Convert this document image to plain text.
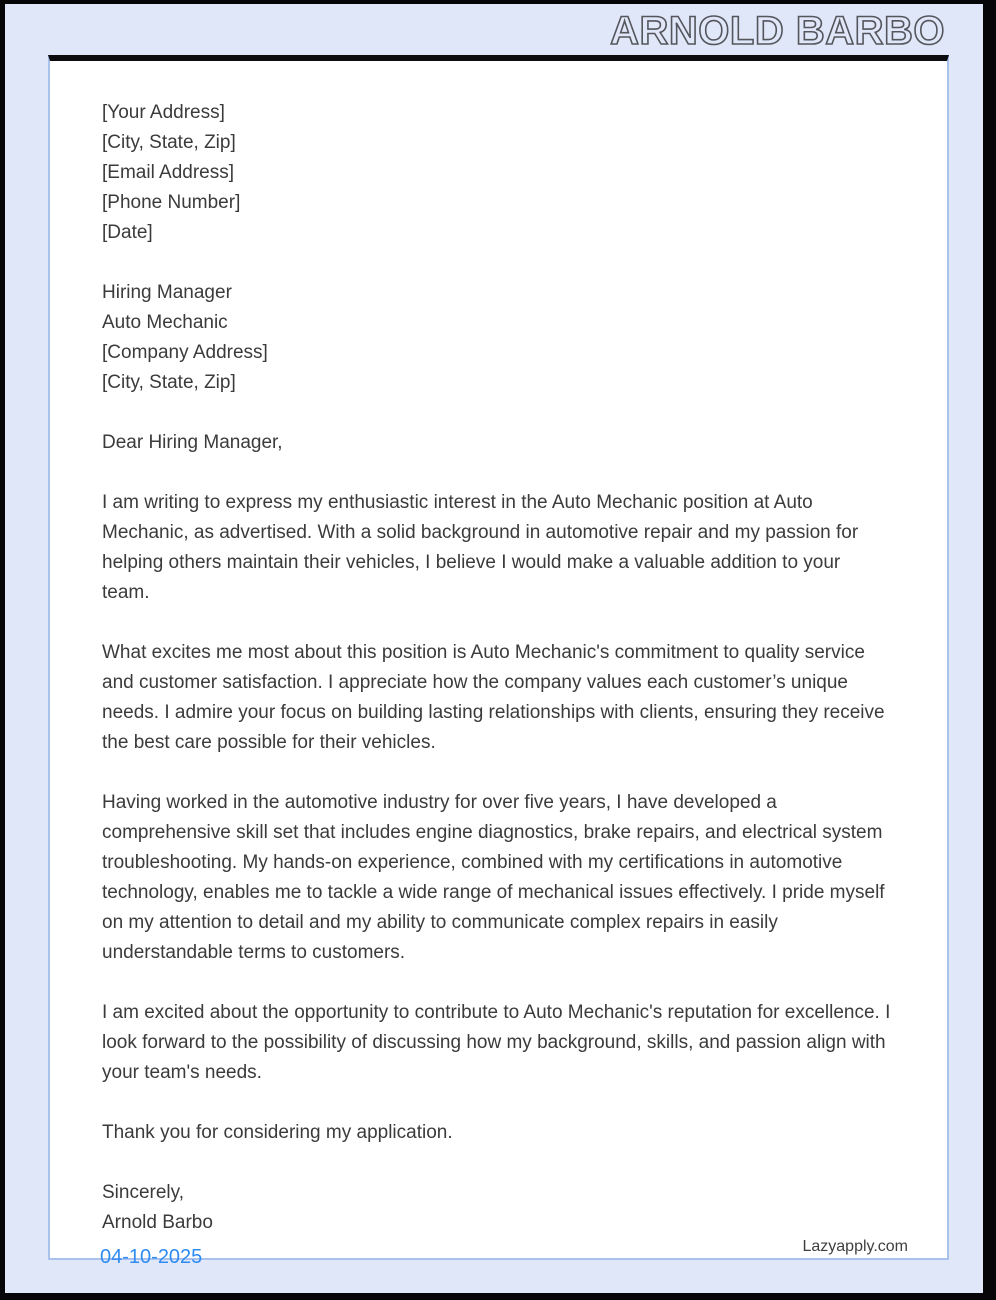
ARNOLD BARBO
[Your Address]
[City, State, Zip]
[Email Address]
[Phone Number]
[Date]
Hiring Manager
Auto Mechanic
[Company Address]
[City, State, Zip]
Dear Hiring Manager,

I am writing to express my enthusiastic interest in the Auto Mechanic position at Auto Mechanic, as advertised. With a solid background in automotive repair and my passion for helping others maintain their vehicles, I believe I would make a valuable addition to your team.

What excites me most about this position is Auto Mechanic's commitment to quality service and customer satisfaction. I appreciate how the company values each customer’s unique needs. I admire your focus on building lasting relationships with clients, ensuring they receive the best care possible for their vehicles.

Having worked in the automotive industry for over five years, I have developed a comprehensive skill set that includes engine diagnostics, brake repairs, and electrical system troubleshooting. My hands-on experience, combined with my certifications in automotive technology, enables me to tackle a wide range of mechanical issues effectively. I pride myself on my attention to detail and my ability to communicate complex repairs in easily understandable terms to customers.

I am excited about the opportunity to contribute to Auto Mechanic's reputation for excellence. I look forward to the possibility of discussing how my background, skills, and passion align with your team's needs.

Thank you for considering my application.

Sincerely,
Arnold Barbo
Lazyapply.com
04-10-2025
